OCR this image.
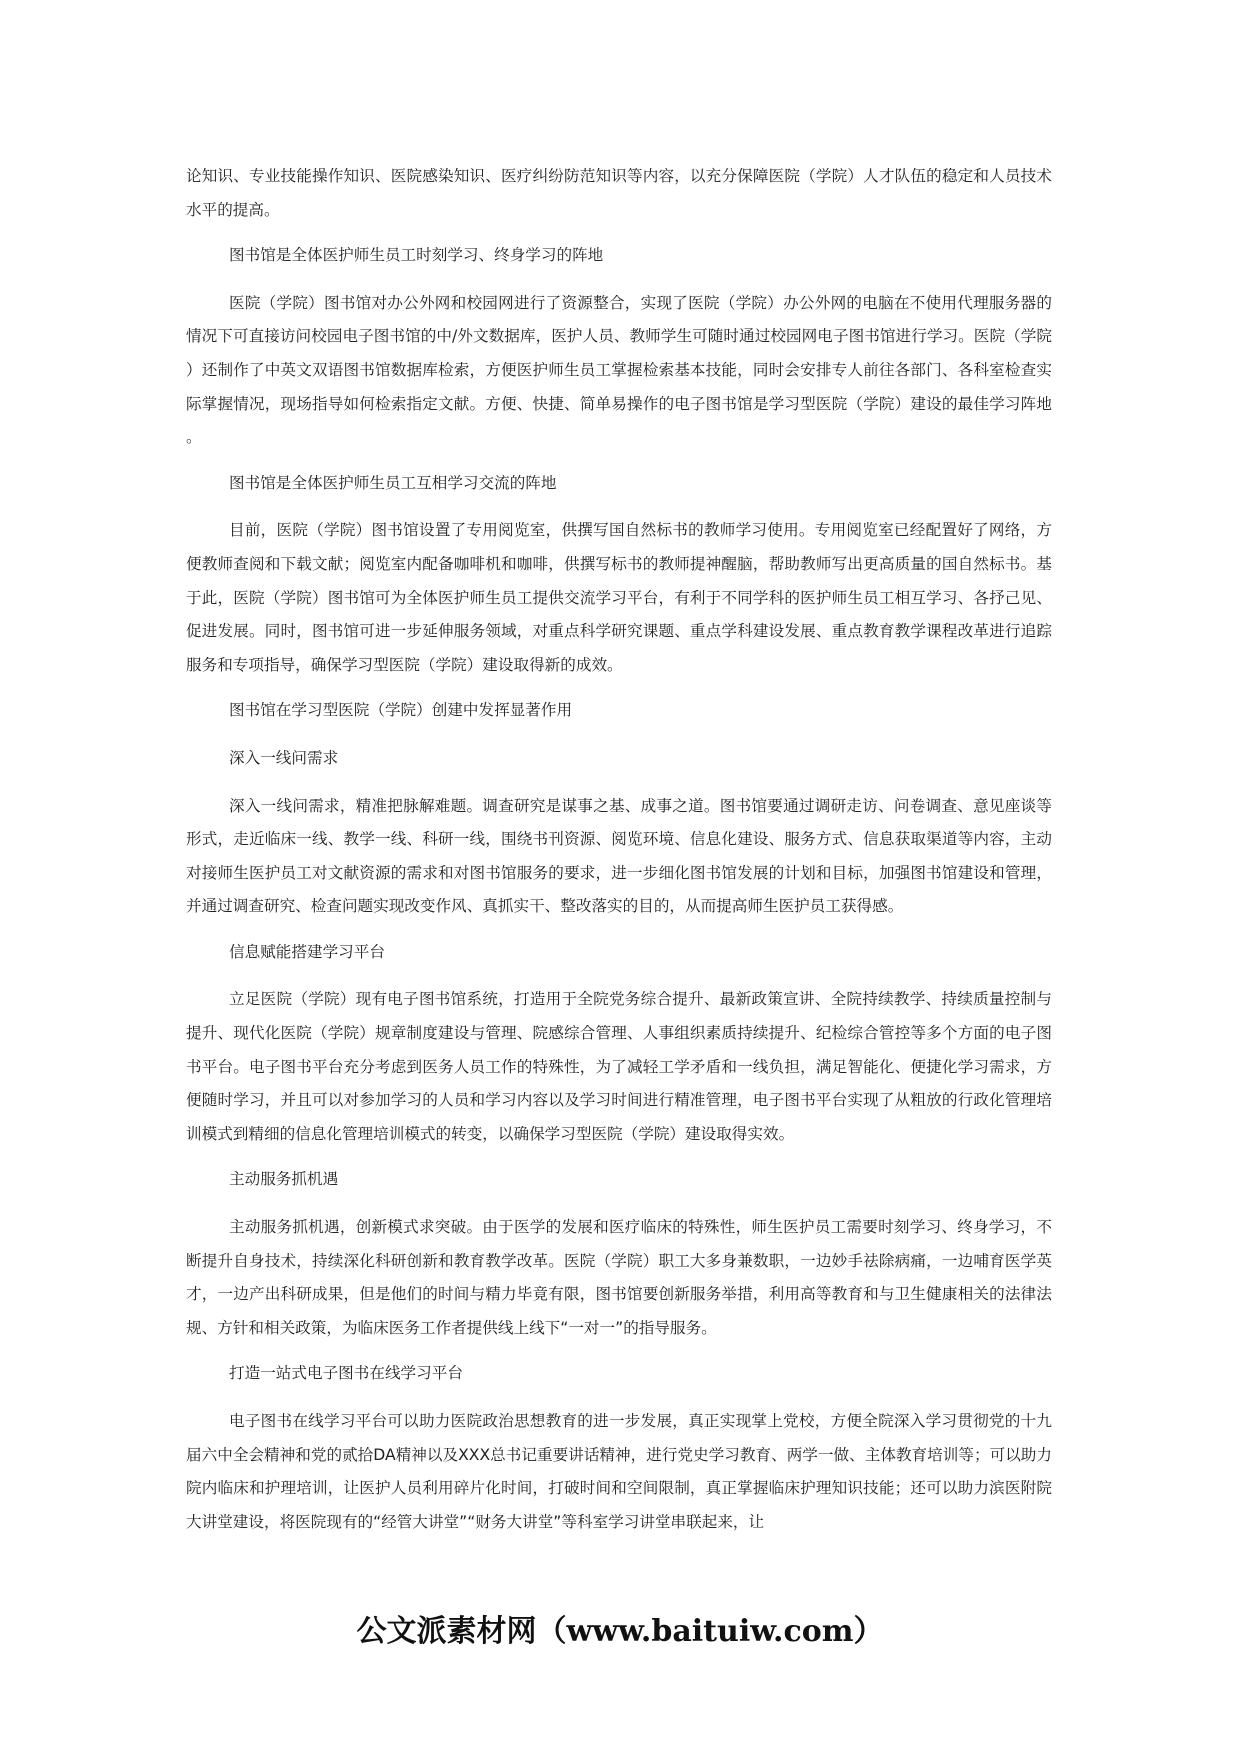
论知识、专业技能操作知识、医院感染知识、医疗纠纷防范知识等内容，以充分保障医院（学院）人才队伍的稳定和人员技术水平的提高。

图书馆是全体医护师生员工时刻学习、终身学习的阵地

医院（学院）图书馆对办公外网和校园网进行了资源整合，实现了医院（学院）办公外网的电脑在不使用代理服务器的情况下可直接访问校园电子图书馆的中/外文数据库，医护人员、教师学生可随时通过校园网电子图书馆进行学习。医院（学院）还制作了中英文双语图书馆数据库检索，方便医护师生员工掌握检索基本技能，同时会安排专人前往各部门、各科室检查实际掌握情况，现场指导如何检索指定文献。方便、快捷、简单易操作的电子图书馆是学习型医院（学院）建设的最佳学习阵地。

图书馆是全体医护师生员工互相学习交流的阵地

目前，医院（学院）图书馆设置了专用阅览室，供撰写国自然标书的教师学习使用。专用阅览室已经配置好了网络，方便教师查阅和下载文献；阅览室内配备咖啡机和咖啡，供撰写标书的教师提神醒脑，帮助教师写出更高质量的国自然标书。基于此，医院（学院）图书馆可为全体医护师生员工提供交流学习平台，有利于不同学科的医护师生员工相互学习、各抒己见、促进发展。同时，图书馆可进一步延伸服务领域，对重点科学研究课题、重点学科建设发展、重点教育教学课程改革进行追踪服务和专项指导，确保学习型医院（学院）建设取得新的成效。

图书馆在学习型医院（学院）创建中发挥显著作用

深入一线问需求

深入一线问需求，精准把脉解难题。调查研究是谋事之基、成事之道。图书馆要通过调研走访、问卷调查、意见座谈等形式，走近临床一线、教学一线、科研一线，围绕书刊资源、阅览环境、信息化建设、服务方式、信息获取渠道等内容，主动对接师生医护员工对文献资源的需求和对图书馆服务的要求，进一步细化图书馆发展的计划和目标，加强图书馆建设和管理，并通过调查研究、检查问题实现改变作风、真抓实干、整改落实的目的，从而提高师生医护员工获得感。

信息赋能搭建学习平台

立足医院（学院）现有电子图书馆系统，打造用于全院党务综合提升、最新政策宣讲、全院持续教学、持续质量控制与提升、现代化医院（学院）规章制度建设与管理、院感综合管理、人事组织素质持续提升、纪检综合管控等多个方面的电子图书平台。电子图书平台充分考虑到医务人员工作的特殊性，为了减轻工学矛盾和一线负担，满足智能化、便捷化学习需求，方便随时学习，并且可以对参加学习的人员和学习内容以及学习时间进行精准管理，电子图书平台实现了从粗放的行政化管理培训模式到精细的信息化管理培训模式的转变，以确保学习型医院（学院）建设取得实效。

主动服务抓机遇

主动服务抓机遇，创新模式求突破。由于医学的发展和医疗临床的特殊性，师生医护员工需要时刻学习、终身学习，不断提升自身技术，持续深化科研创新和教育教学改革。医院（学院）职工大多身兼数职，一边妙手祛除病痛，一边哺育医学英才，一边产出科研成果，但是他们的时间与精力毕竟有限，图书馆要创新服务举措，利用高等教育和与卫生健康相关的法律法规、方针和相关政策，为临床医务工作者提供线上线下“一对一”的指导服务。

打造一站式电子图书在线学习平台

电子图书在线学习平台可以助力医院政治思想教育的进一步发展，真正实现掌上党校，方便全院深入学习贯彻党的十九届六中全会精神和党的贰拾DA精神以及XXX总书记重要讲话精神，进行党史学习教育、两学一做、主体教育培训等；可以助力院内临床和护理培训，让医护人员利用碎片化时间，打破时间和空间限制，真正掌握临床护理知识技能；还可以助力滨医附院大讲堂建设，将医院现有的“经管大讲堂”“财务大讲堂”等科室学习讲堂串联起来，让

公文派素材网（www.baituiw.com）
